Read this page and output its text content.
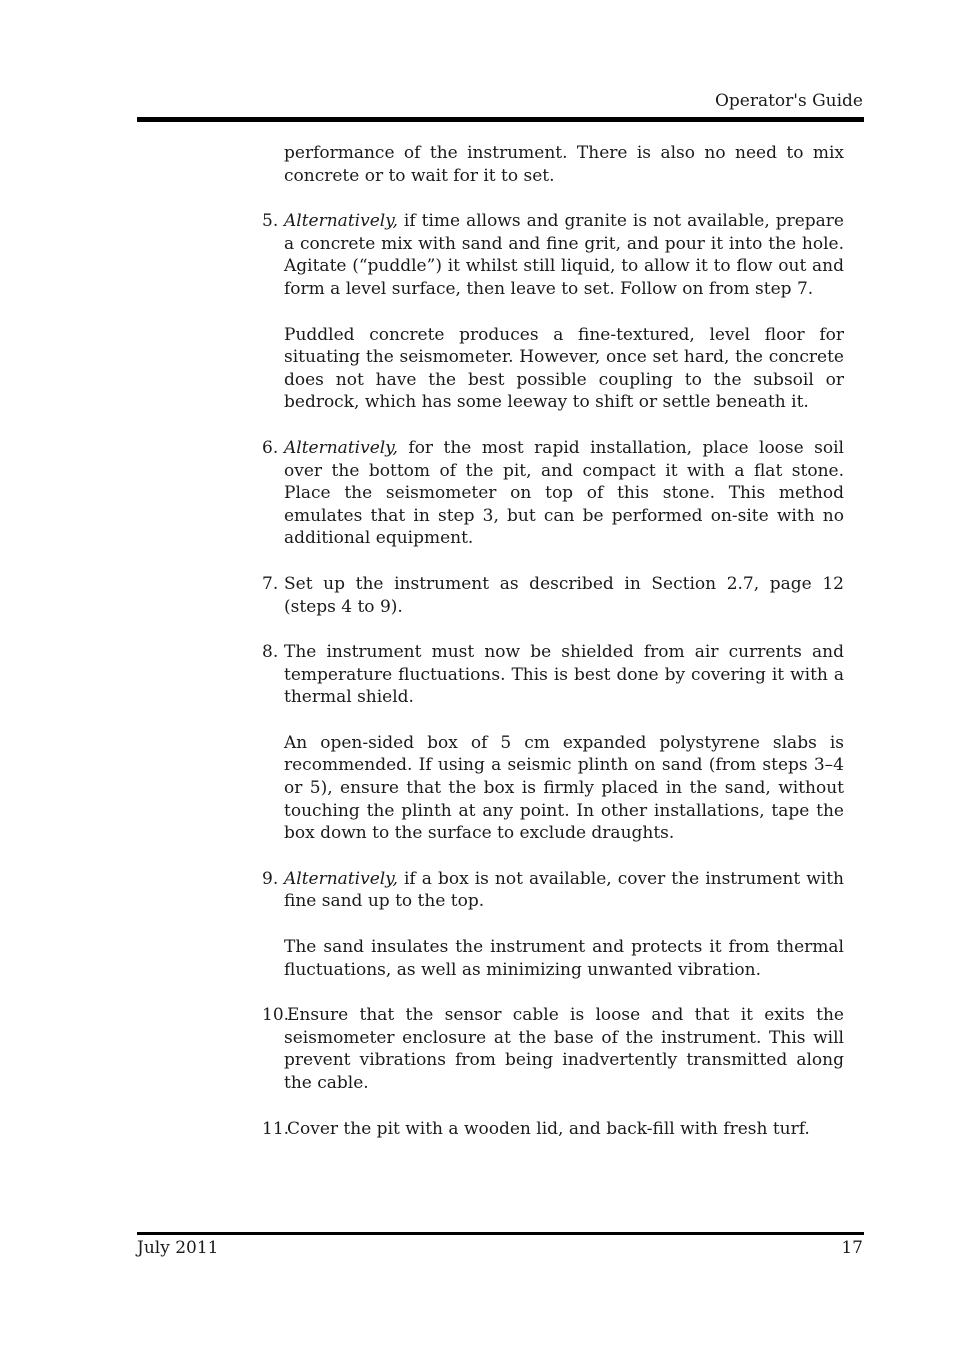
Operator's Guide

performance of the instrument. There is also no need to mix concrete or to wait for it to set.

5. Alternatively, if time allows and granite is not available, prepare a concrete mix with sand and fine grit, and pour it into the hole. Agitate (“puddle”) it whilst still liquid, to allow it to flow out and form a level surface, then leave to set. Follow on from step 7.

Puddled concrete produces a fine-textured, level floor for situating the seismometer. However, once set hard, the concrete does not have the best possible coupling to the subsoil or bedrock, which has some leeway to shift or settle beneath it.

6. Alternatively, for the most rapid installation, place loose soil over the bottom of the pit, and compact it with a flat stone. Place the seismometer on top of this stone. This method emulates that in step 3, but can be performed on-site with no additional equipment.
7. Set up the instrument as described in Section 2.7, page 12 (steps 4 to 9).
8. The instrument must now be shielded from air currents and temperature fluctuations. This is best done by covering it with a thermal shield.

An open-sided box of 5 cm expanded polystyrene slabs is recommended. If using a seismic plinth on sand (from steps 3–4 or 5), ensure that the box is firmly placed in the sand, without touching the plinth at any point. In other installations, tape the box down to the surface to exclude draughts.

9. Alternatively, if a box is not available, cover the instrument with fine sand up to the top.

The sand insulates the instrument and protects it from thermal fluctuations, as well as minimizing unwanted vibration.

10.
Ensure that the sensor cable is loose and that it exits the seismometer enclosure at the base of the instrument. This will prevent vibrations from being inadvertently transmitted along the cable.
11.
Cover the pit with a wooden lid, and back-fill with fresh turf.
July 2011	17
